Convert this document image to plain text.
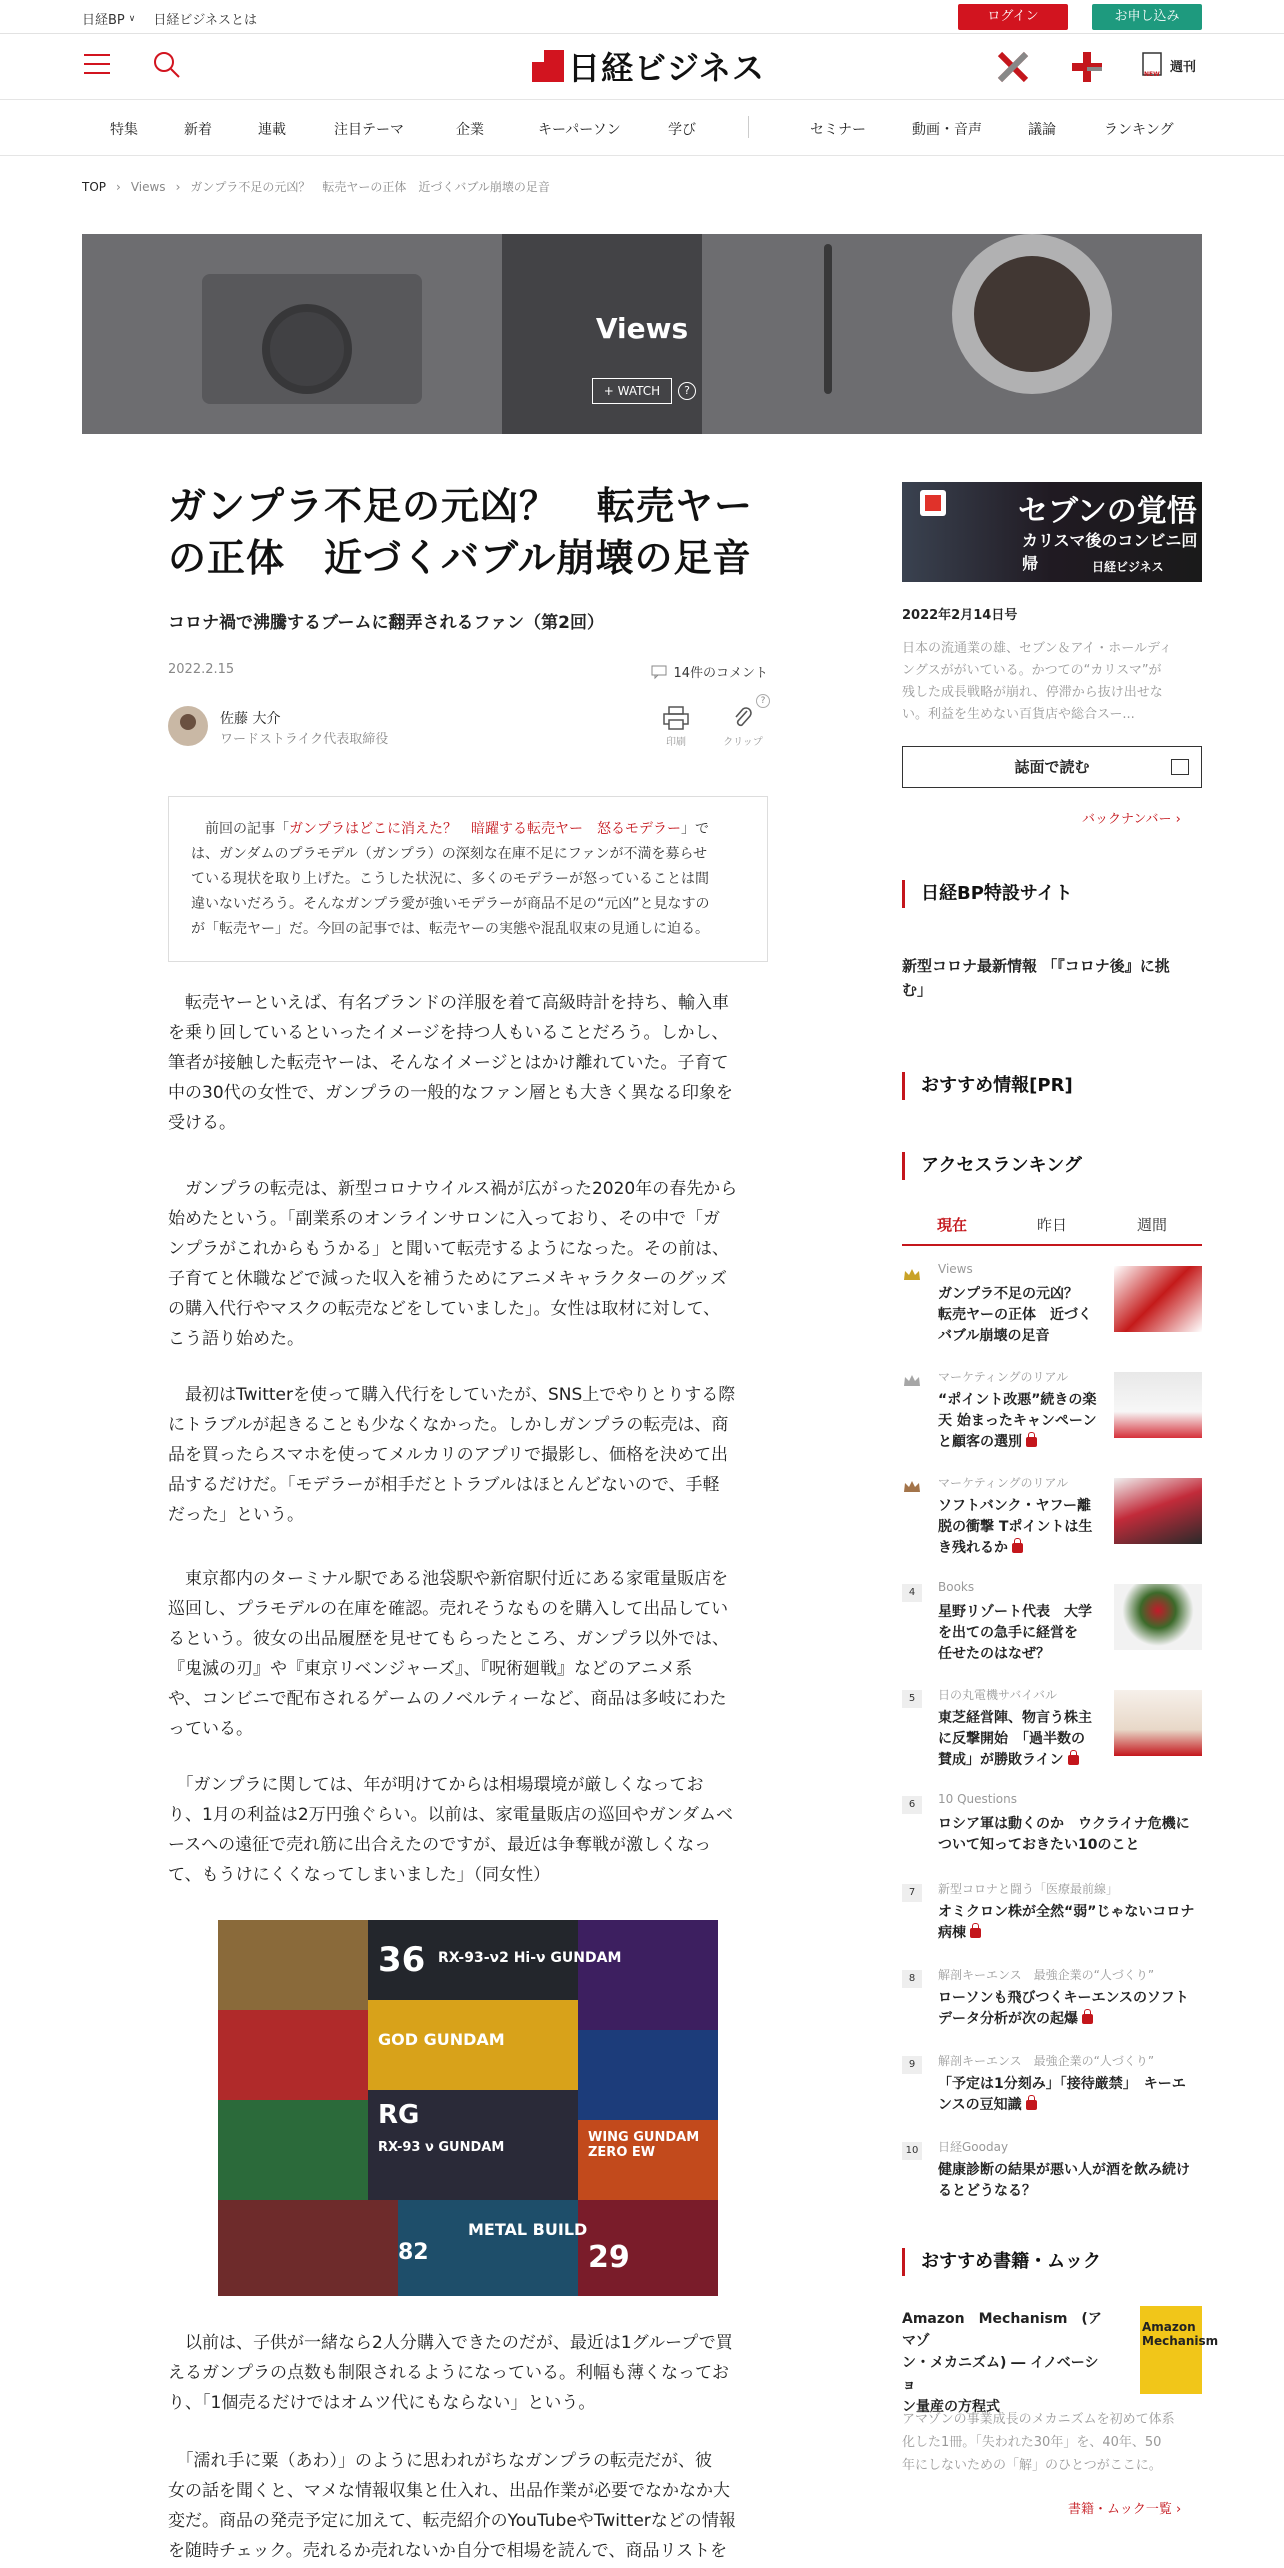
日経BP ∨ 日経ビジネスとは	ログイン	お申し込み
日経ビジネス	NEW 週刊
特集	新着	連載	注目テーマ	企業	キーパーソン	学び	セミナー	動画・音声	議論	ランキング
TOP › Views › ガンプラ不足の元凶？　転売ヤーの正体　近づくバブル崩壊の足音
Views
+ WATCH	?
ガンプラ不足の元凶？　転売ヤー
の正体　近づくバブル崩壊の足音
コロナ禍で沸騰するブームに翻弄されるファン（第2回）
2022.2.15	14件のコメント
佐藤 大介
ワードストライク代表取締役	印刷	クリップ
?
　前回の記事「ガンプラはどこに消えた？　暗躍する転売ヤー　怒るモデラー」で
は、ガンダムのプラモデル（ガンプラ）の深刻な在庫不足にファンが不満を募らせ
ている現状を取り上げた。こうした状況に、多くのモデラーが怒っていることは間
違いないだろう。そんなガンプラ愛が強いモデラーが商品不足の“元凶”と見なすの
が「転売ヤー」だ。今回の記事では、転売ヤーの実態や混乱収束の見通しに迫る。
　転売ヤーといえば、有名ブランドの洋服を着て高級時計を持ち、輸入車
を乗り回しているといったイメージを持つ人もいることだろう。しかし、
筆者が接触した転売ヤーは、そんなイメージとはかけ離れていた。子育て
中の30代の女性で、ガンプラの一般的なファン層とも大きく異なる印象を
受ける。
　ガンプラの転売は、新型コロナウイルス禍が広がった2020年の春先から
始めたという。「副業系のオンラインサロンに入っており、その中で「ガ
ンプラがこれからもうかる」と聞いて転売するようになった。その前は、
子育てと休職などで減った収入を補うためにアニメキャラクターのグッズ
の購入代行やマスクの転売などをしていました」。女性は取材に対して、
こう語り始めた。
　最初はTwitterを使って購入代行をしていたが、SNS上でやりとりする際
にトラブルが起きることも少なくなかった。しかしガンプラの転売は、商
品を買ったらスマホを使ってメルカリのアプリで撮影し、価格を決めて出
品するだけだ。「モデラーが相手だとトラブルはほとんどないので、手軽
だった」という。
　東京都内のターミナル駅である池袋駅や新宿駅付近にある家電量販店を
巡回し、プラモデルの在庫を確認。売れそうなものを購入して出品してい
るという。彼女の出品履歴を見せてもらったところ、ガンプラ以外では、
『鬼滅の刃』や『東京リベンジャーズ』、『呪術廻戦』などのアニメ系
や、コンビニで配布されるゲームのノベルティーなど、商品は多岐にわた
っている。
　「ガンプラに関しては、年が明けてからは相場環境が厳しくなってお
り、1月の利益は2万円強ぐらい。以前は、家電量販店の巡回やガンダムベ
ースへの遠征で売れ筋に出合えたのですが、最近は争奪戦が激しくなっ
て、もうけにくくなってしまいました」（同女性）
36 RX-93-ν2 Hi-ν GUNDAM
GOD GUNDAM
RG
RX-93 ν GUNDAM
WING GUNDAM ZERO EW
METAL BUILD
29
82
　以前は、子供が一緒なら2人分購入できたのだが、最近は1グループで買
えるガンプラの点数も制限されるようになっている。利幅も薄くなってお
り、「1個売るだけではオムツ代にもならない」という。
　「濡れ手に粟（あわ）」のように思われがちなガンプラの転売だが、彼
女の話を聞くと、マメな情報収集と仕入れ、出品作業が必要でなかなか大
変だ。商品の発売予定に加えて、転売紹介のYouTubeやTwitterなどの情報
を随時チェック。売れるか売れないか自分で相場を読んで、商品リストを
セブンの覚悟
カリスマ後のコンビニ回帰	日経ビジネス
2022年2月14日号
日本の流通業の雄、セブン＆アイ・ホールディ
ングスががいている。かつての“カリスマ”が
残した成長戦略が崩れ、停滞から抜け出せな
い。利益を生めない百貨店や総合スー...
誌面で読む
バックナンバー ›
日経BP特設サイト
新型コロナ最新情報 「『コロナ後』に挑
む」
おすすめ情報[PR]
アクセスランキング
現在	昨日	週間
Views
ガンプラ不足の元凶？
転売ヤーの正体　近づく
バブル崩壊の足音
マーケティングのリアル
“ポイント改悪”続きの楽
天 始まったキャンペーン
と顧客の選別
マーケティングのリアル
ソフトバンク・ヤフー離
脱の衝撃 Tポイントは生
き残れるか
4	Books
星野リゾート代表　大学
を出ての急手に経営を
任せたのはなぜ？
5	日の丸電機サバイバル
東芝経営陣、物言う株主
に反撃開始　「過半数の
賛成」が勝敗ライン
6	10 Questions
ロシア軍は動くのか　ウクライナ危機に
ついて知っておきたい10のこと
7	新型コロナと闘う「医療最前線」
オミクロン株が全然“弱”じゃないコロナ
病棟
8	解剖キーエンス　最強企業の“人づくり”
ローソンも飛びつくキーエンスのソフト
データ分析が次の起爆
9	解剖キーエンス　最強企業の“人づくり”
「予定は1分刻み」「接待厳禁」　キーエ
ンスの豆知識
10	日経Gooday
健康診断の結果が悪い人が酒を飲み続け
るとどうなる？
おすすめ書籍・ムック
Amazon　Mechanism　(アマゾ
ン・メカニズム) ― イノベーショ
ン量産の方程式
Amazon
Mechanism
アマゾンの事業成長のメカニズムを初めて体系
化した1冊。「失われた30年」を、40年、50
年にしないための「解」のひとつがここに。
書籍・ムック一覧 ›
